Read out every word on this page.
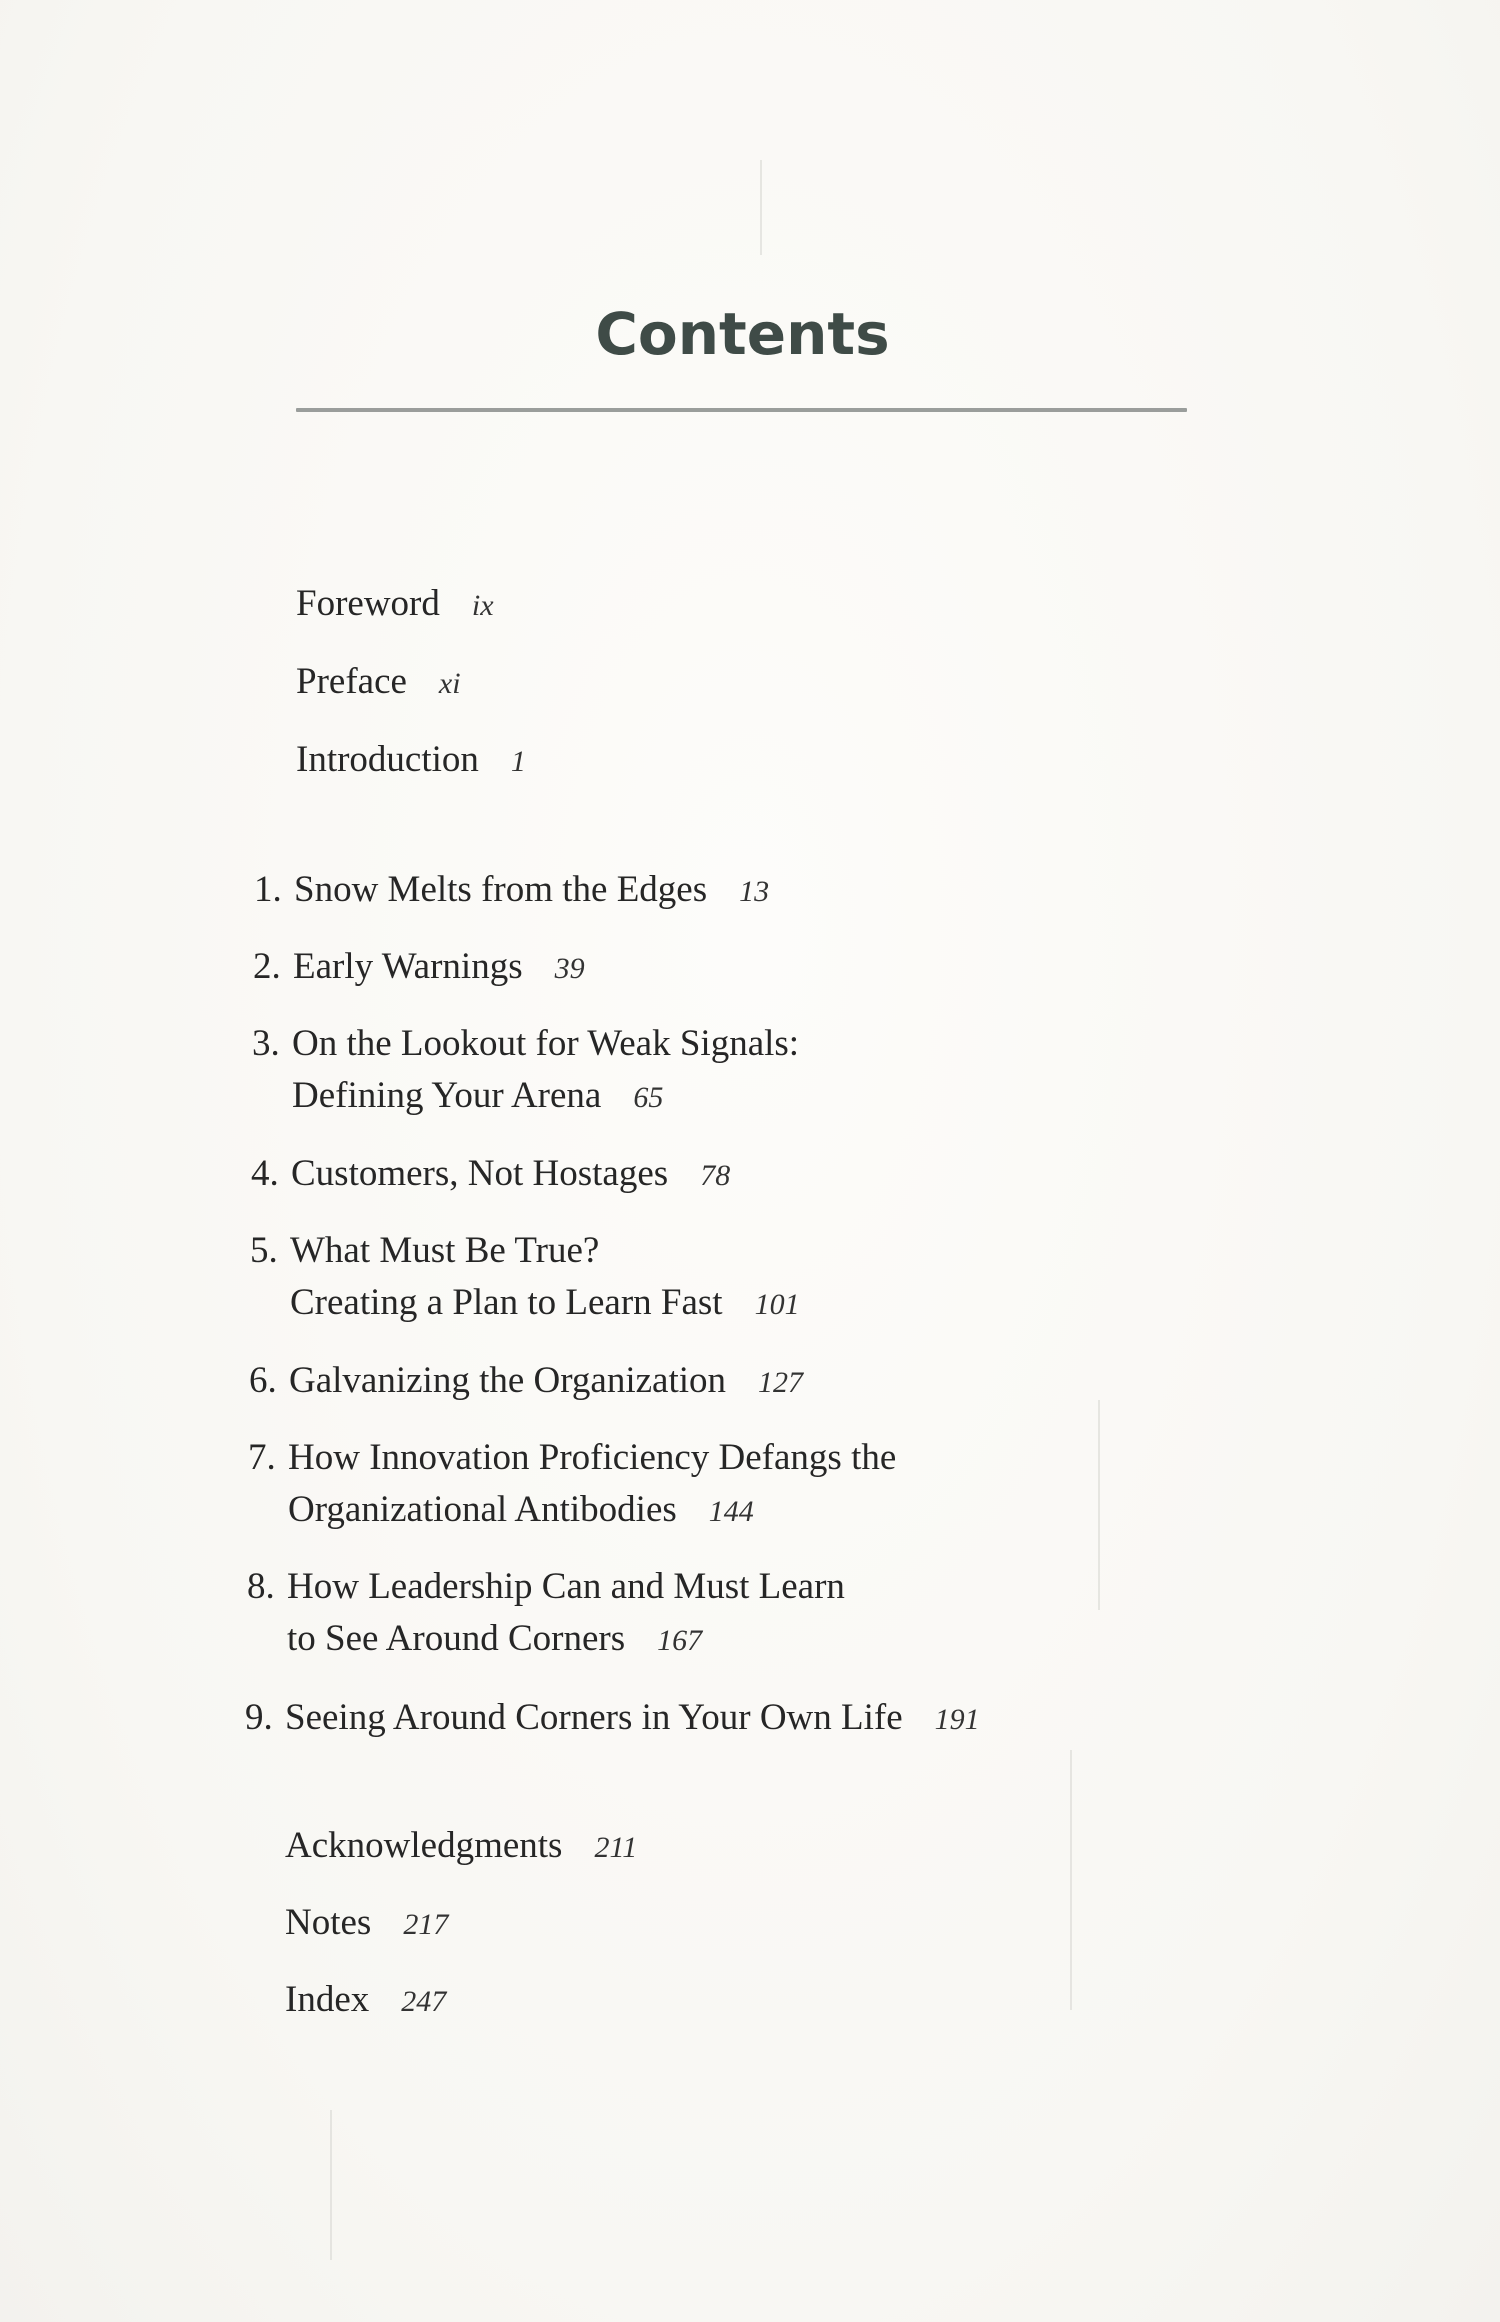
Contents
Foreword ix
Preface xi
Introduction 1
1. Snow Melts from the Edges 13
2. Early Warnings 39
3. On the Lookout for Weak Signals:
Defining Your Arena 65
4. Customers, Not Hostages 78
5. What Must Be True?
Creating a Plan to Learn Fast 101
6. Galvanizing the Organization 127
7. How Innovation Proficiency Defangs the
Organizational Antibodies 144
8. How Leadership Can and Must Learn
to See Around Corners 167
9. Seeing Around Corners in Your Own Life 191
Acknowledgments 211
Notes 217
Index 247
